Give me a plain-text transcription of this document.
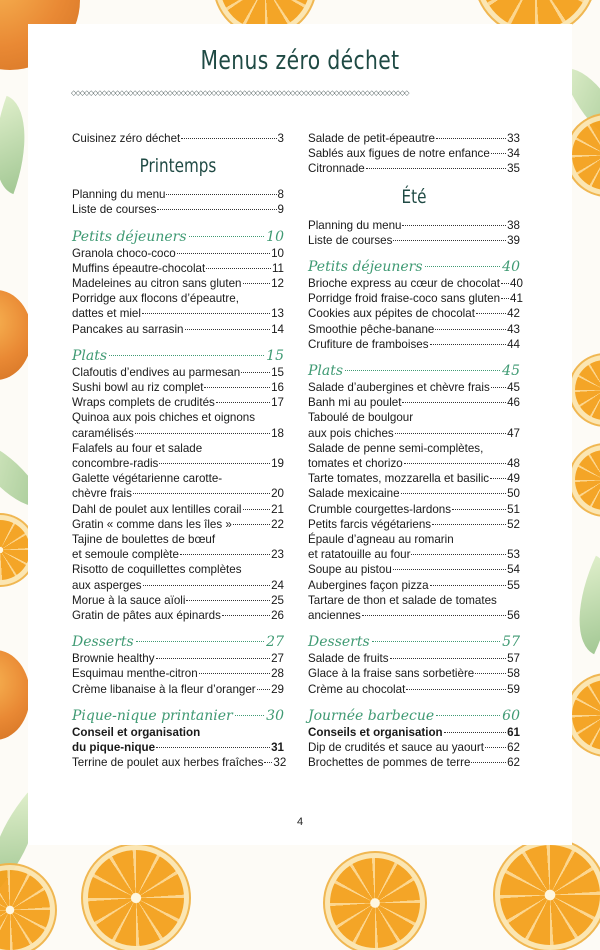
Menus zéro déchet
◇◇◇◇◇◇◇◇◇◇◇◇◇◇◇◇◇◇◇◇◇◇◇◇◇◇◇◇◇◇◇◇◇◇◇◇◇◇◇◇◇◇◇◇◇◇◇◇◇◇◇◇◇◇◇◇◇◇◇◇◇◇◇◇◇◇◇◇◇◇◇◇◇◇◇◇◇
Cuisinez zéro déchet	3
Printemps
Planning du menu	8
Liste de courses	9
Petits déjeuners	10
Granola choco-coco	10
Muffins épeautre-chocolat	11
Madeleines au citron sans gluten	12
Porridge aux flocons d’épeautre,
dattes et miel	13
Pancakes au sarrasin	14
Plats	15
Clafoutis d’endives au parmesan	15
Sushi bowl au riz complet	16
Wraps complets de crudités	17
Quinoa aux pois chiches et oignons
caramélisés	18
Falafels au four et salade
concombre-radis	19
Galette végétarienne carotte-
chèvre frais	20
Dahl de poulet aux lentilles corail	21
Gratin « comme dans les îles »	22
Tajine de boulettes de bœuf
et semoule complète	23
Risotto de coquillettes complètes
aux asperges	24
Morue à la sauce aïoli	25
Gratin de pâtes aux épinards	26
Desserts	27
Brownie healthy	27
Esquimau menthe-citron	28
Crème libanaise à la fleur d’oranger 29
Pique-nique printanier 30
Conseil et organisation
du pique-nique	31
Terrine de poulet aux herbes fraîches 32
Salade de petit-épeautre	33
Sablés aux figues de notre enfance 34
Citronnade	35
Été
Planning du menu	38
Liste de courses	39
Petits déjeuners	40
Brioche express au cœur de chocolat 40
Porridge froid fraise-coco sans gluten 41
Cookies aux pépites de chocolat	42
Smoothie pêche-banane	43
Crufiture de framboises	44
Plats	45
Salade d’aubergines et chèvre frais 45
Banh mi au poulet	46
Taboulé de boulgour
aux pois chiches	47
Salade de penne semi-complètes,
tomates et chorizo	48
Tarte tomates, mozzarella et basilic 49
Salade mexicaine	50
Crumble courgettes-lardons	51
Petits farcis végétariens	52
Épaule d’agneau au romarin
et ratatouille au four	53
Soupe au pistou	54
Aubergines façon pizza	55
Tartare de thon et salade de tomates
anciennes	56
Desserts	57
Salade de fruits	57
Glace à la fraise sans sorbetière	58
Crème au chocolat	59
Journée barbecue	60
Conseils et organisation	61
Dip de crudités et sauce au yaourt 62
Brochettes de pommes de terre	62
4
